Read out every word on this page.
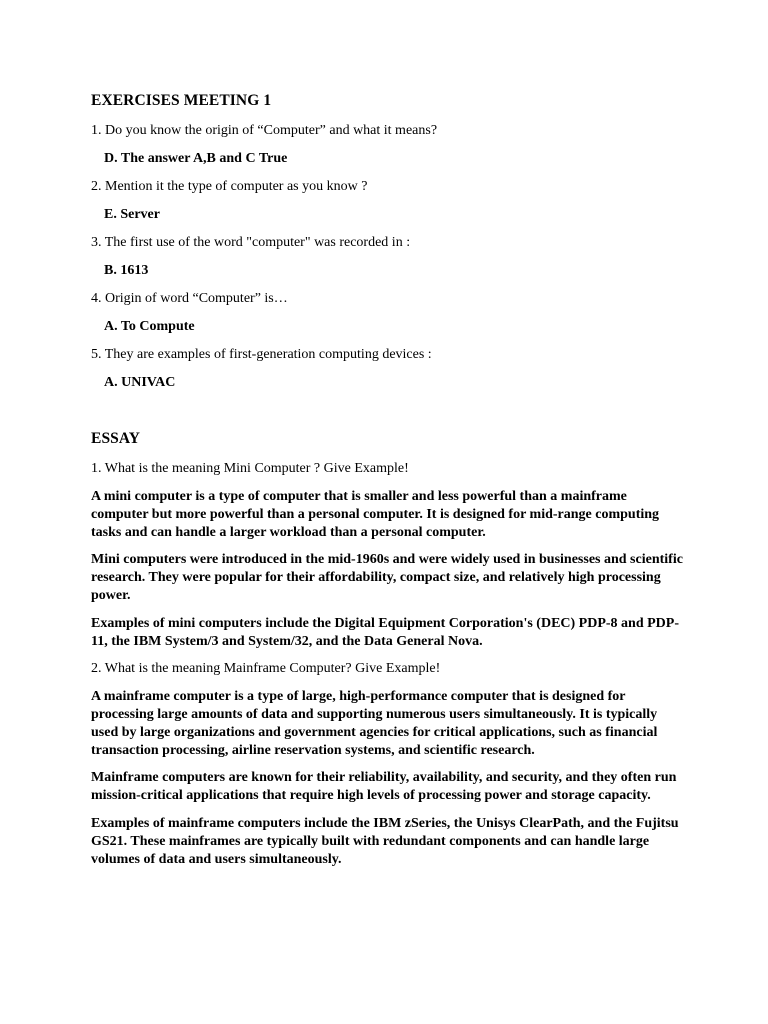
EXERCISES MEETING 1
1. Do you know the origin of “Computer” and what it means?
D. The answer A,B and C True
2. Mention it the type of computer as you know ?
E. Server
3. The first use of the word "computer" was recorded in :
B. 1613
4. Origin of word “Computer” is…
A. To Compute
5. They are examples of first-generation computing devices :
A. UNIVAC
ESSAY
1. What is the meaning Mini Computer ? Give Example!
A mini computer is a type of computer that is smaller and less powerful than a mainframe
computer but more powerful than a personal computer. It is designed for mid-range computing
tasks and can handle a larger workload than a personal computer.
Mini computers were introduced in the mid-1960s and were widely used in businesses and scientific
research. They were popular for their affordability, compact size, and relatively high processing
power.
Examples of mini computers include the Digital Equipment Corporation's (DEC) PDP-8 and PDP-
11, the IBM System/3 and System/32, and the Data General Nova.
2. What is the meaning Mainframe Computer? Give Example!
A mainframe computer is a type of large, high-performance computer that is designed for
processing large amounts of data and supporting numerous users simultaneously. It is typically
used by large organizations and government agencies for critical applications, such as financial
transaction processing, airline reservation systems, and scientific research.
Mainframe computers are known for their reliability, availability, and security, and they often run
mission-critical applications that require high levels of processing power and storage capacity.
Examples of mainframe computers include the IBM zSeries, the Unisys ClearPath, and the Fujitsu
GS21. These mainframes are typically built with redundant components and can handle large
volumes of data and users simultaneously.
